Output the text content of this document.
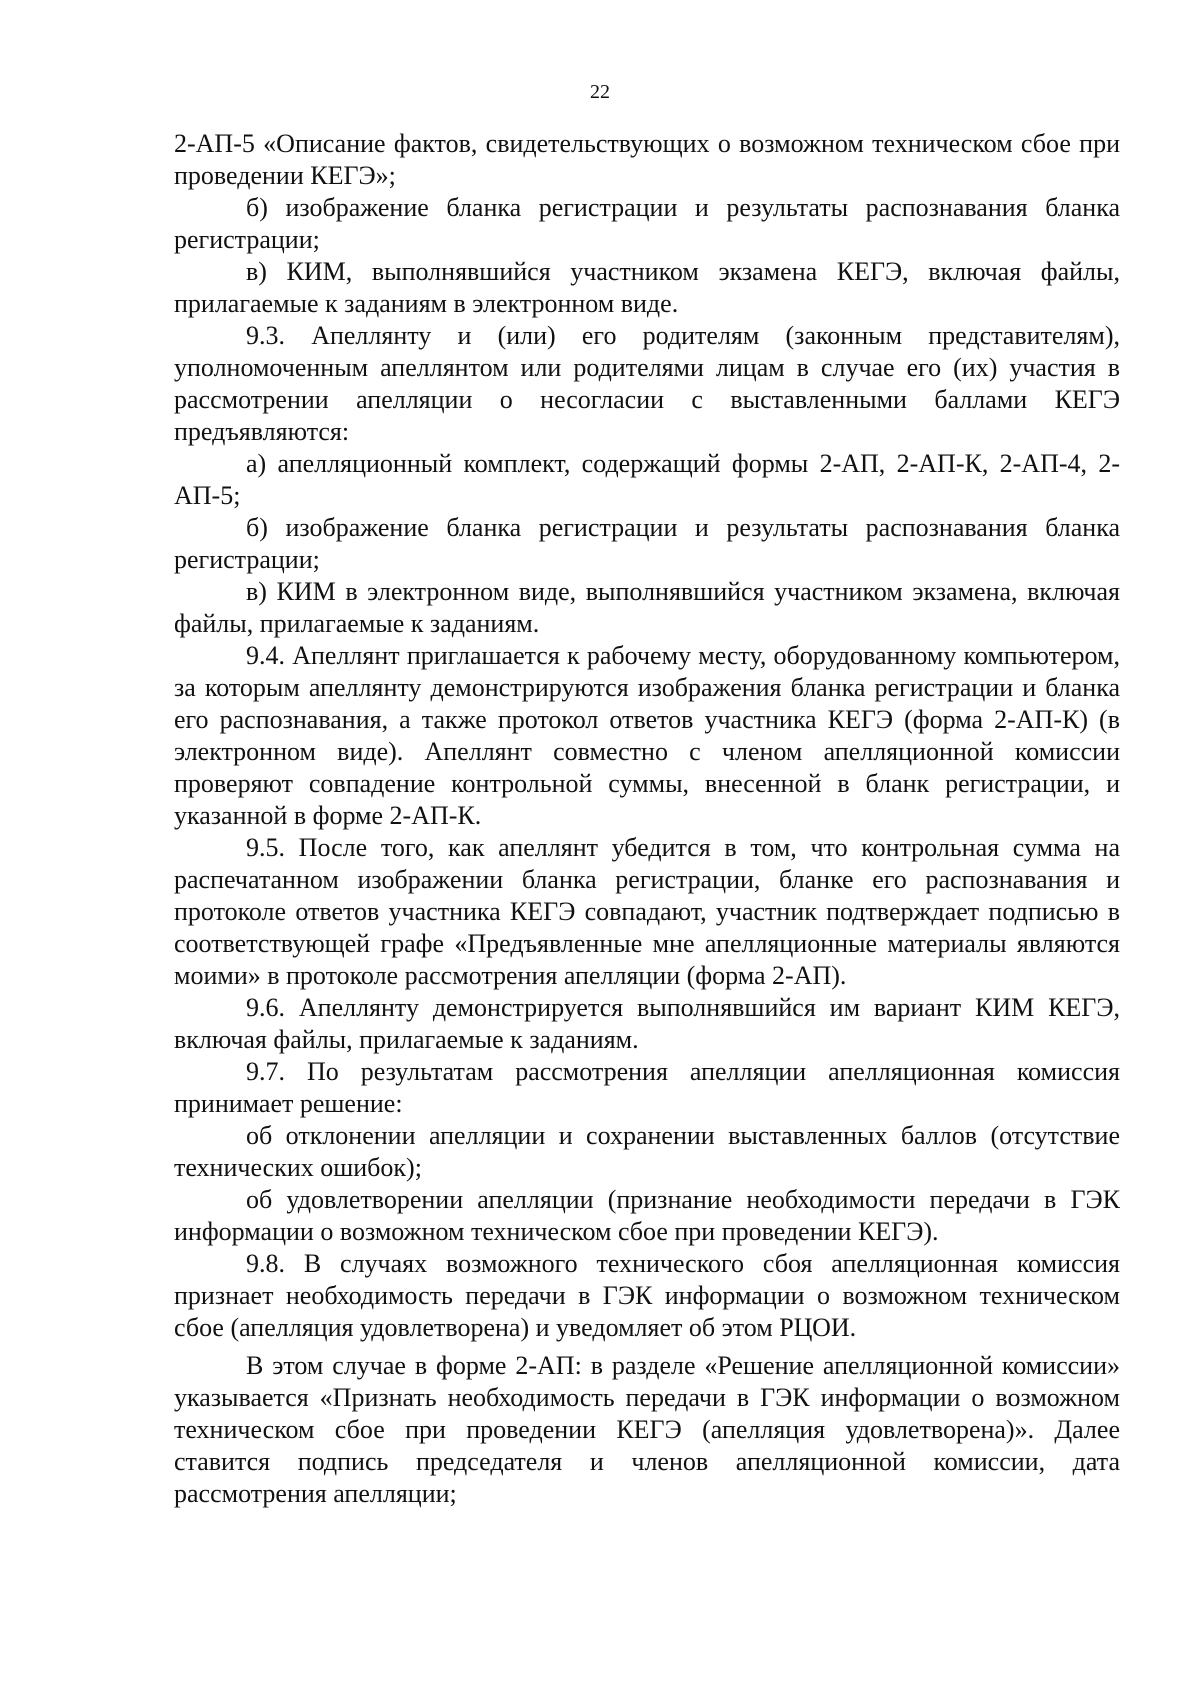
22

2-АП-5 «Описание фактов, свидетельствующих о возможном техническом сбое при проведении КЕГЭ»;

б) изображение бланка регистрации и результаты распознавания бланка регистрации;

в) КИМ, выполнявшийся участником экзамена КЕГЭ, включая файлы, прилагаемые к заданиям в электронном виде.

9.3. Апеллянту и (или) его родителям (законным представителям), уполномоченным апеллянтом или родителями лицам в случае его (их) участия в рассмотрении апелляции о несогласии с выставленными баллами КЕГЭ предъявляются:

а) апелляционный комплект, содержащий формы 2-АП, 2-АП-К, 2-АП-4, 2-АП-5;

б) изображение бланка регистрации и результаты распознавания бланка регистрации;

в) КИМ в электронном виде, выполнявшийся участником экзамена, включая файлы, прилагаемые к заданиям.

9.4. Апеллянт приглашается к рабочему месту, оборудованному компьютером, за которым апеллянту демонстрируются изображения бланка регистрации и бланка его распознавания, а также протокол ответов участника КЕГЭ (форма 2-АП-К) (в электронном виде). Апеллянт совместно с членом апелляционной комиссии проверяют совпадение контрольной суммы, внесенной в бланк регистрации, и указанной в форме 2-АП-К.

9.5. После того, как апеллянт убедится в том, что контрольная сумма на распечатанном изображении бланка регистрации, бланке его распознавания и протоколе ответов участника КЕГЭ совпадают, участник подтверждает подписью в соответствующей графе «Предъявленные мне апелляционные материалы являются моими» в протоколе рассмотрения апелляции (форма 2-АП).

9.6. Апеллянту демонстрируется выполнявшийся им вариант КИМ КЕГЭ, включая файлы, прилагаемые к заданиям.

9.7. По результатам рассмотрения апелляции апелляционная комиссия принимает решение:

об отклонении апелляции и сохранении выставленных баллов (отсутствие технических ошибок);

об удовлетворении апелляции (признание необходимости передачи в ГЭК информации о возможном техническом сбое при проведении КЕГЭ).

9.8. В случаях возможного технического сбоя апелляционная комиссия признает необходимость передачи в ГЭК информации о возможном техническом сбое (апелляция удовлетворена) и уведомляет об этом РЦОИ.

В этом случае в форме 2-АП: в разделе «Решение апелляционной комиссии» указывается «Признать необходимость передачи в ГЭК информации о возможном техническом сбое при проведении КЕГЭ (апелляция удовлетворена)». Далее ставится подпись председателя и членов апелляционной комиссии, дата рассмотрения апелляции;
